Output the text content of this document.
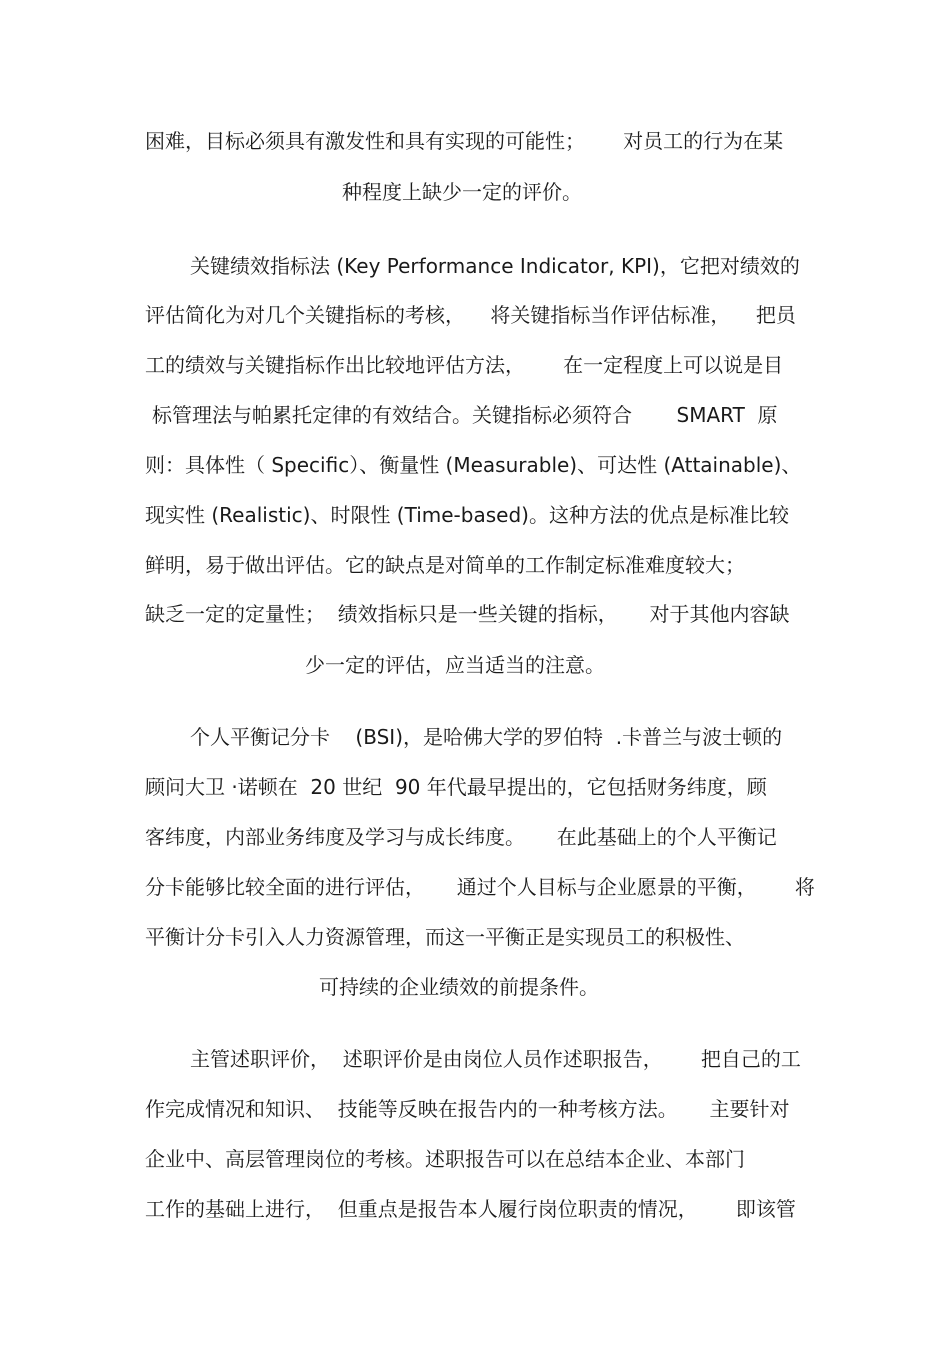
困难，目标必须具有激发性和具有实现的可能性；      对员工的行为在某
种程度上缺少一定的评价。
关键绩效指标法 (Key Performance Indicator, KPI)，它把对绩效的
评估简化为对几个关键指标的考核，    将关键指标当作评估标准，    把员
工的绩效与关键指标作出比较地评估方法，      在一定程度上可以说是目
标管理法与帕累托定律的有效结合。关键指标必须符合       SMART  原
则：具体性（ Specific）、衡量性 (Measurable)、可达性 (Attainable)、
现实性 (Realistic)、时限性 (Time-based)。这种方法的优点是标准比较
鲜明，易于做出评估。它的缺点是对简单的工作制定标准难度较大；
缺乏一定的定量性；  绩效指标只是一些关键的指标，     对于其他内容缺
少一定的评估，应当适当的注意。
个人平衡记分卡    (BSI)，是哈佛大学的罗伯特  .卡普兰与波士顿的
顾问大卫 ·诺顿在  20 世纪  90 年代最早提出的，它包括财务纬度，顾
客纬度，内部业务纬度及学习与成长纬度。     在此基础上的个人平衡记
分卡能够比较全面的进行评估，     通过个人目标与企业愿景的平衡，      将
平衡计分卡引入人力资源管理，而这一平衡正是实现员工的积极性、
可持续的企业绩效的前提条件。
主管述职评价，  述职评价是由岗位人员作述职报告，      把自己的工
作完成情况和知识、  技能等反映在报告内的一种考核方法。     主要针对
企业中、高层管理岗位的考核。述职报告可以在总结本企业、本部门
工作的基础上进行，  但重点是报告本人履行岗位职责的情况，      即该管
